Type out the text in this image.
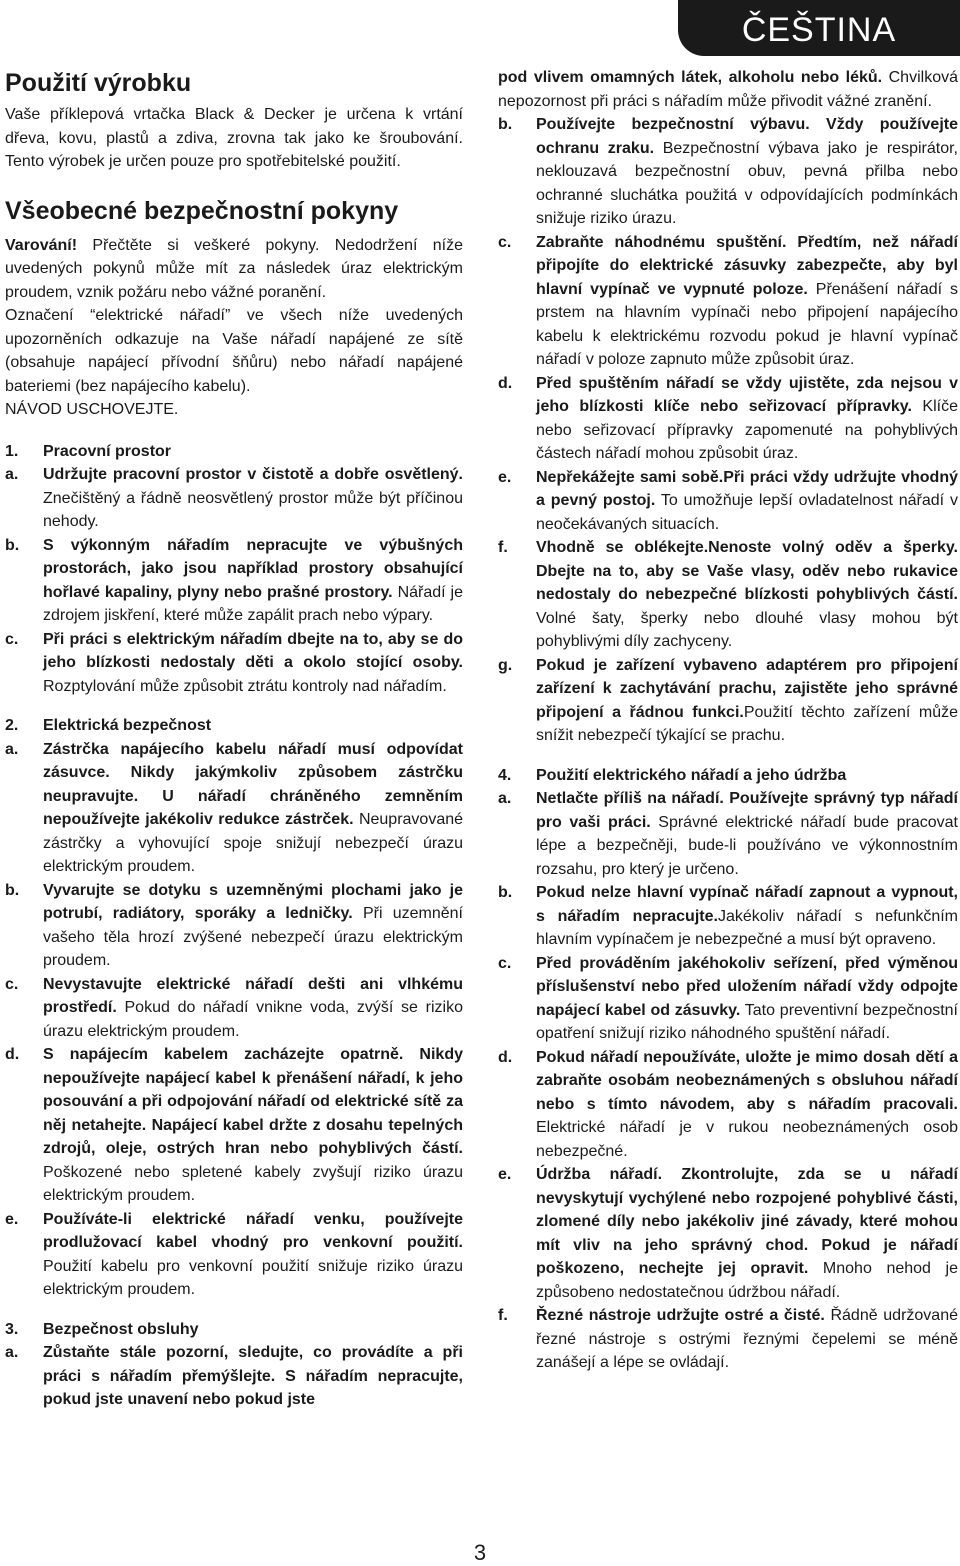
ČEŠTINA
Použití výrobku

Vaše příklepová vrtačka Black & Decker je určena k vrtání dřeva, kovu, plastů a zdiva, zrovna tak jako ke šroubování. Tento výrobek je určen pouze pro spotřebitelské použití.

Všeobecné bezpečnostní pokyny

Varování! Přečtěte si veškeré pokyny. Nedodržení níže uvedených pokynů může mít za následek úraz elektrickým proudem, vznik požáru nebo vážné poranění.

Označení “elektrické nářadí” ve všech níže uvedených upozorněních odkazuje na Vaše nářadí napájené ze sítě (obsahuje napájecí přívodní šňůru) nebo nářadí napájené bateriemi (bez napájecího kabelu).

NÁVOD USCHOVEJTE.

1.	Pracovní prostor
a.	Udržujte pracovní prostor v čistotě a dobře osvětlený. Znečištěný a řádně neosvětlený prostor může být příčinou nehody.
b.	S výkonným nářadím nepracujte ve výbušných prostorách, jako jsou například prostory obsahující hořlavé kapaliny, plyny nebo prašné prostory. Nářadí je zdrojem jiskření, které může zapálit prach nebo výpary.
c.	Při práci s elektrickým nářadím dbejte na to, aby se do jeho blízkosti nedostaly děti a okolo stojící osoby. Rozptylování může způsobit ztrátu kontroly nad nářadím.
2.	Elektrická bezpečnost
a.	Zástrčka napájecího kabelu nářadí musí odpovídat zásuvce. Nikdy jakýmkoliv způsobem zástrčku neupravujte. U nářadí chráněného zemněním nepoužívejte jakékoliv redukce zástrček. Neupravované zástrčky a vyhovující spoje snižují nebezpečí úrazu elektrickým proudem.
b.	Vyvarujte se dotyku s uzemněnými plochami jako je potrubí, radiátory, sporáky a ledničky. Při uzemnění vašeho těla hrozí zvýšené nebezpečí úrazu elektrickým proudem.
c.	Nevystavujte elektrické nářadí dešti ani vlhkému prostředí. Pokud do nářadí vnikne voda, zvýší se riziko úrazu elektrickým proudem.
d.	S napájecím kabelem zacházejte opatrně. Nikdy nepoužívejte napájecí kabel k přenášení nářadí, k jeho posouvání a při odpojování nářadí od elektrické sítě za něj netahejte. Napájecí kabel držte z dosahu tepelných zdrojů, oleje, ostrých hran nebo pohyblivých částí. Poškozené nebo spletené kabely zvyšují riziko úrazu elektrickým proudem.
e.	Používáte-li elektrické nářadí venku, používejte prodlužovací kabel vhodný pro venkovní použití. Použití kabelu pro venkovní použití snižuje riziko úrazu elektrickým proudem.
3.	Bezpečnost obsluhy
a.	Zůstaňte stále pozorní, sledujte, co provádíte a při práci s nářadím přemýšlejte. S nářadím nepracujte, pokud jste unavení nebo pokud jste

pod vlivem omamných látek, alkoholu nebo léků. Chvilková nepozornost při práci s nářadím může přivodit vážné zranění.

b.	Používejte bezpečnostní výbavu. Vždy používejte ochranu zraku. Bezpečnostní výbava jako je respirátor, neklouzavá bezpečnostní obuv, pevná přilba nebo ochranné sluchátka použitá v odpovídajících podmínkách snižuje riziko úrazu.
c.	Zabraňte náhodnému spuštění. Předtím, než nářadí připojíte do elektrické zásuvky zabezpečte, aby byl hlavní vypínač ve vypnuté poloze. Přenášení nářadí s prstem na hlavním vypínači nebo připojení napájecího kabelu k elektrickému rozvodu pokud je hlavní vypínač nářadí v poloze zapnuto může způsobit úraz.
d.	Před spuštěním nářadí se vždy ujistěte, zda nejsou v jeho blízkosti klíče nebo seřizovací přípravky. Klíče nebo seřizovací přípravky zapomenuté na pohyblivých částech nářadí mohou způsobit úraz.
e.	Nepřekážejte sami sobě.Při práci vždy udržujte vhodný a pevný postoj. To umožňuje lepší ovladatelnost nářadí v neočekávaných situacích.
f.	Vhodně se oblékejte.Nenoste volný oděv a šperky. Dbejte na to, aby se Vaše vlasy, oděv nebo rukavice nedostaly do nebezpečné blízkosti pohyblivých částí. Volné šaty, šperky nebo dlouhé vlasy mohou být pohyblivými díly zachyceny.
g.	Pokud je zařízení vybaveno adaptérem pro připojení zařízení k zachytávání prachu, zajistěte jeho správné připojení a řádnou funkci.Použití těchto zařízení může snížit nebezpečí týkající se prachu.
4.	Použití elektrického nářadí a jeho údržba
a.	Netlačte příliš na nářadí. Používejte správný typ nářadí pro vaši práci. Správné elektrické nářadí bude pracovat lépe a bezpečněji, bude-li používáno ve výkonnostním rozsahu, pro který je určeno.
b.	Pokud nelze hlavní vypínač nářadí zapnout a vypnout, s nářadím nepracujte.Jakékoliv nářadí s nefunkčním hlavním vypínačem je nebezpečné a musí být opraveno.
c.	Před prováděním jakéhokoliv seřízení, před výměnou příslušenství nebo před uložením nářadí vždy odpojte napájecí kabel od zásuvky. Tato preventivní bezpečnostní opatření snižují riziko náhodného spuštění nářadí.
d.	Pokud nářadí nepoužíváte, uložte je mimo dosah dětí a zabraňte osobám neobeznámených s obsluhou nářadí nebo s tímto návodem, aby s nářadím pracovali. Elektrické nářadí je v rukou neobeznámených osob nebezpečné.
e.	Údržba nářadí. Zkontrolujte, zda se u nářadí nevyskytují vychýlené nebo rozpojené pohyblivé části, zlomené díly nebo jakékoliv jiné závady, které mohou mít vliv na jeho správný chod. Pokud je nářadí poškozeno, nechejte jej opravit. Mnoho nehod je způsobeno nedostatečnou údržbou nářadí.
f.	Řezné nástroje udržujte ostré a čisté. Řádně udržované řezné nástroje s ostrými řeznými čepelemi se méně zanášejí a lépe se ovládají.
3
